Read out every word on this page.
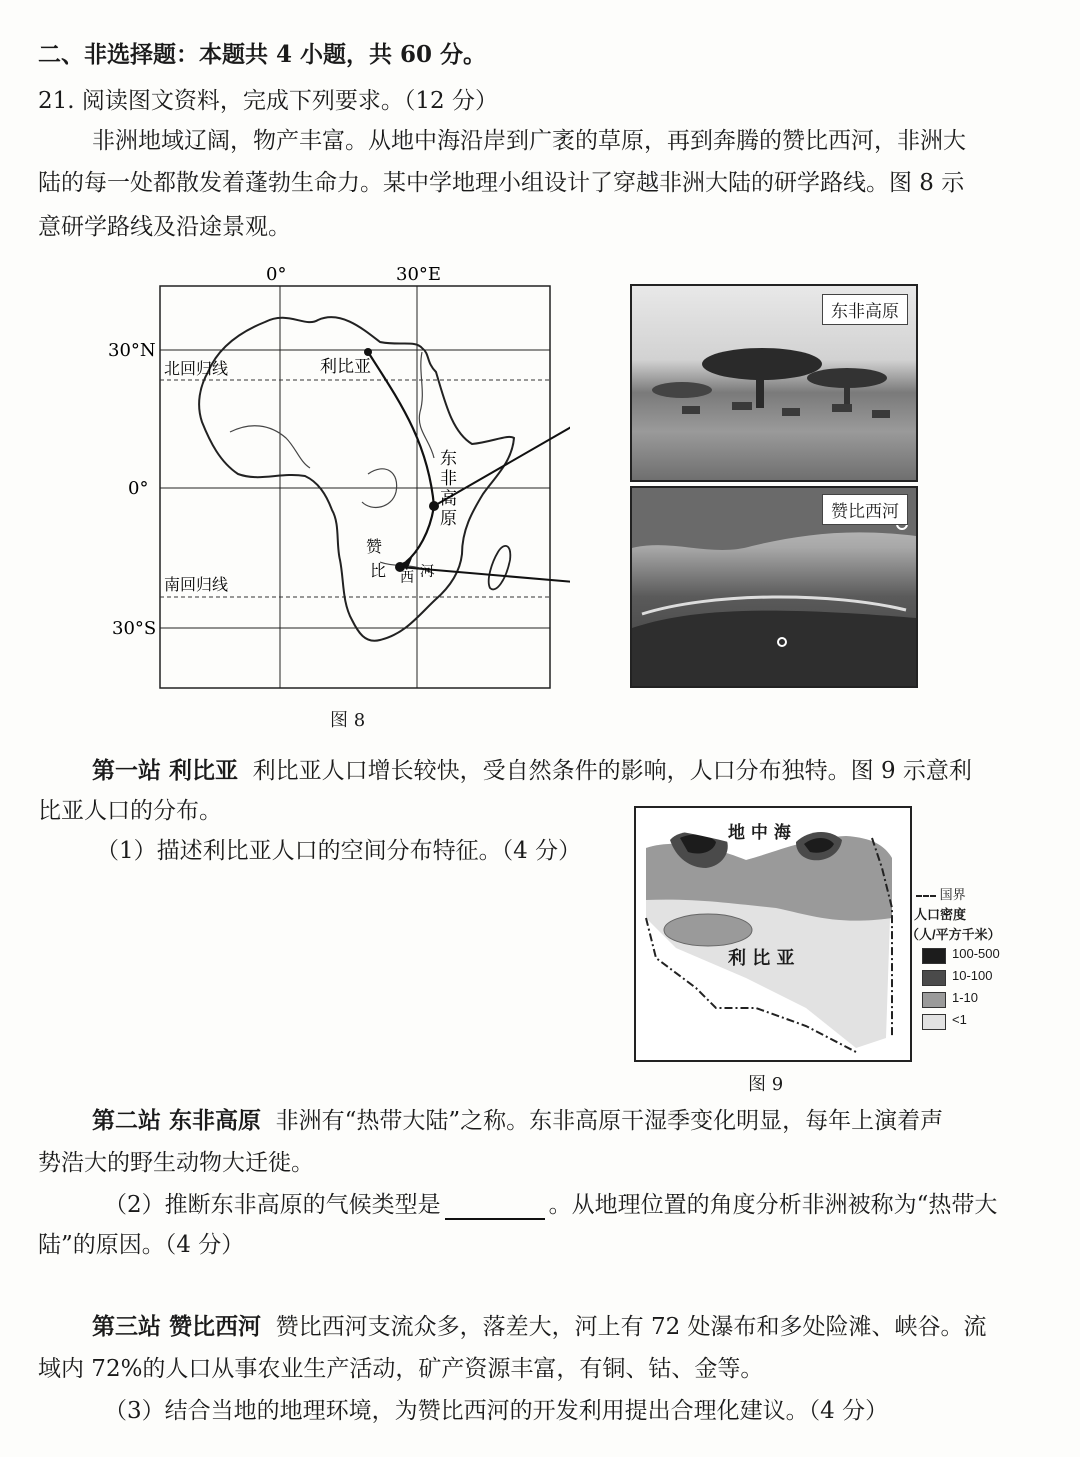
二、非选择题：本题共 4 小题，共 60 分。
21. 阅读图文资料，完成下列要求。（12 分）
非洲地域辽阔，物产丰富。从地中海沿岸到广袤的草原，再到奔腾的赞比西河，非洲大
陆的每一处都散发着蓬勃生命力。某中学地理小组设计了穿越非洲大陆的研学路线。图 8 示
意研学路线及沿途景观。
0°	30°E
30°N
0°
30°S
北回归线
南回归线
利比亚
东
非
高
原
赞
比 西 河
东非高原
赞比西河
图 8
第一站 利比亚 利比亚人口增长较快，受自然条件的影响，人口分布独特。图 9 示意利
比亚人口的分布。
（1）描述利比亚人口的空间分布特征。（4 分）
地 中 海
利 比 亚
国界
人口密度
（人/平方千米）
100-500
10-100
1-10
<1
图 9
第二站 东非高原 非洲有“热带大陆”之称。东非高原干湿季变化明显，每年上演着声
势浩大的野生动物大迁徙。
（2）推断东非高原的气候类型是	。从地理位置的角度分析非洲被称为“热带大
陆”的原因。（4 分）
第三站 赞比西河 赞比西河支流众多，落差大，河上有 72 处瀑布和多处险滩、峡谷。流
域内 72%的人口从事农业生产活动，矿产资源丰富，有铜、钴、金等。
（3）结合当地的地理环境，为赞比西河的开发利用提出合理化建议。（4 分）
